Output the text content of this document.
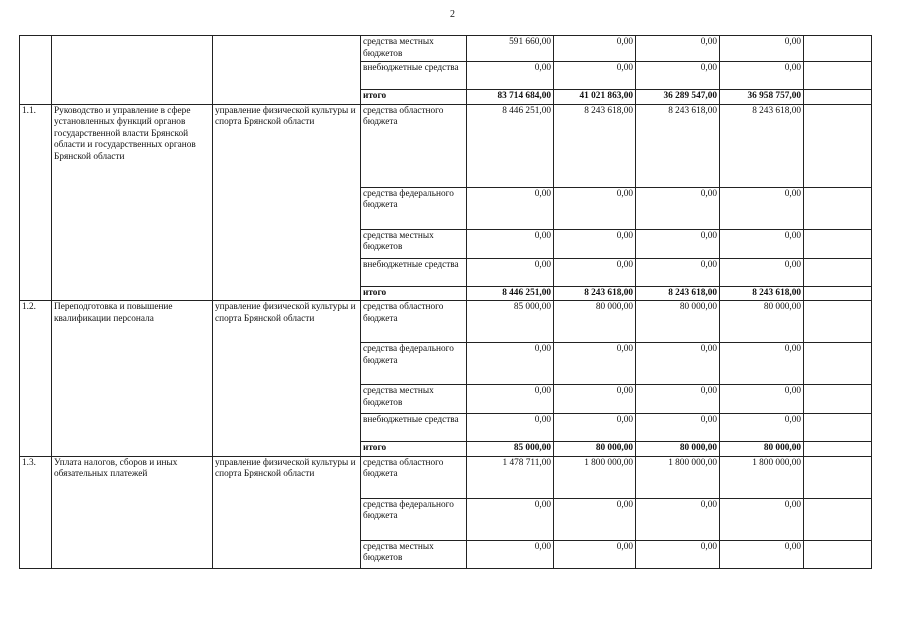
2
			средства местных бюджетов	591 660,00	0,00	0,00	0,00	
			внебюджетные средства	0,00	0,00	0,00	0,00	
			итого	83 714 684,00	41 021 863,00	36 289 547,00	36 958 757,00	
1.1.	Руководство и управление в сфере установленных функций органов государственной власти Брянской области и государственных органов Брянской области	управление физической культуры и спорта Брянской области	средства областного бюджета	8 446 251,00	8 243 618,00	8 243 618,00	8 243 618,00	
			средства федерального бюджета	0,00	0,00	0,00	0,00	
			средства местных бюджетов	0,00	0,00	0,00	0,00	
			внебюджетные средства	0,00	0,00	0,00	0,00	
			итого	8 446 251,00	8 243 618,00	8 243 618,00	8 243 618,00	
1.2.	Переподготовка и повышение квалификации персонала	управление физической культуры и спорта Брянской области	средства областного бюджета	85 000,00	80 000,00	80 000,00	80 000,00	
			средства федерального бюджета	0,00	0,00	0,00	0,00	
			средства местных бюджетов	0,00	0,00	0,00	0,00	
			внебюджетные средства	0,00	0,00	0,00	0,00	
			итого	85 000,00	80 000,00	80 000,00	80 000,00	
1.3.	Уплата налогов, сборов и иных обязательных платежей	управление физической культуры и спорта Брянской области	средства областного бюджета	1 478 711,00	1 800 000,00	1 800 000,00	1 800 000,00	
			средства федерального бюджета	0,00	0,00	0,00	0,00	
			средства местных бюджетов	0,00	0,00	0,00	0,00	
